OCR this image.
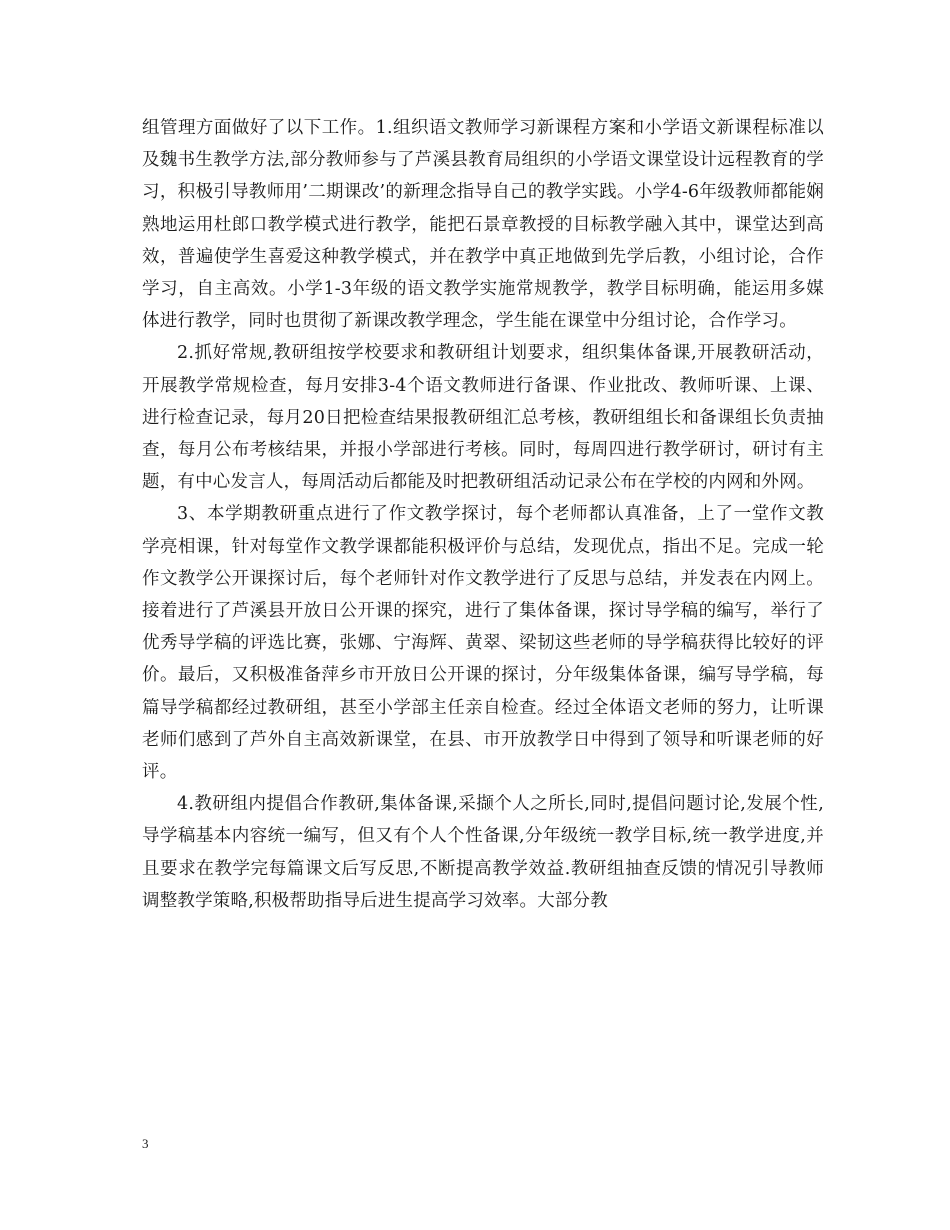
组管理方面做好了以下工作。1.组织语文教师学习新课程方案和小学语文新课程标准以及魏书生教学方法,部分教师参与了芦溪县教育局组织的小学语文课堂设计远程教育的学习，积极引导教师用’二期课改’的新理念指导自己的教学实践。小学4-6年级教师都能娴熟地运用杜郎口教学模式进行教学，能把石景章教授的目标教学融入其中，课堂达到高效，普遍使学生喜爱这种教学模式，并在教学中真正地做到先学后教，小组讨论，合作学习，自主高效。小学1-3年级的语文教学实施常规教学，教学目标明确，能运用多媒体进行教学，同时也贯彻了新课改教学理念，学生能在课堂中分组讨论，合作学习。

2.抓好常规,教研组按学校要求和教研组计划要求，组织集体备课,开展教研活动，开展教学常规检查，每月安排3-4个语文教师进行备课、作业批改、教师听课、上课、进行检查记录，每月20日把检查结果报教研组汇总考核，教研组组长和备课组长负责抽查，每月公布考核结果，并报小学部进行考核。同时，每周四进行教学研讨，研讨有主题，有中心发言人，每周活动后都能及时把教研组活动记录公布在学校的内网和外网。

3、本学期教研重点进行了作文教学探讨，每个老师都认真准备，上了一堂作文教学亮相课，针对每堂作文教学课都能积极评价与总结，发现优点，指出不足。完成一轮作文教学公开课探讨后，每个老师针对作文教学进行了反思与总结，并发表在内网上。接着进行了芦溪县开放日公开课的探究，进行了集体备课，探讨导学稿的编写，举行了优秀导学稿的评选比赛，张娜、宁海辉、黄翠、梁韧这些老师的导学稿获得比较好的评价。最后，又积极准备萍乡市开放日公开课的探讨，分年级集体备课，编写导学稿，每篇导学稿都经过教研组，甚至小学部主任亲自检查。经过全体语文老师的努力，让听课老师们感到了芦外自主高效新课堂，在县、市开放教学日中得到了领导和听课老师的好评。

4.教研组内提倡合作教研,集体备课,采撷个人之所长,同时,提倡问题讨论,发展个性,导学稿基本内容统一编写，但又有个人个性备课,分年级统一教学目标,统一教学进度,并且要求在教学完每篇课文后写反思,不断提高教学效益.教研组抽查反馈的情况引导教师调整教学策略,积极帮助指导后进生提高学习效率。大部分教

3
